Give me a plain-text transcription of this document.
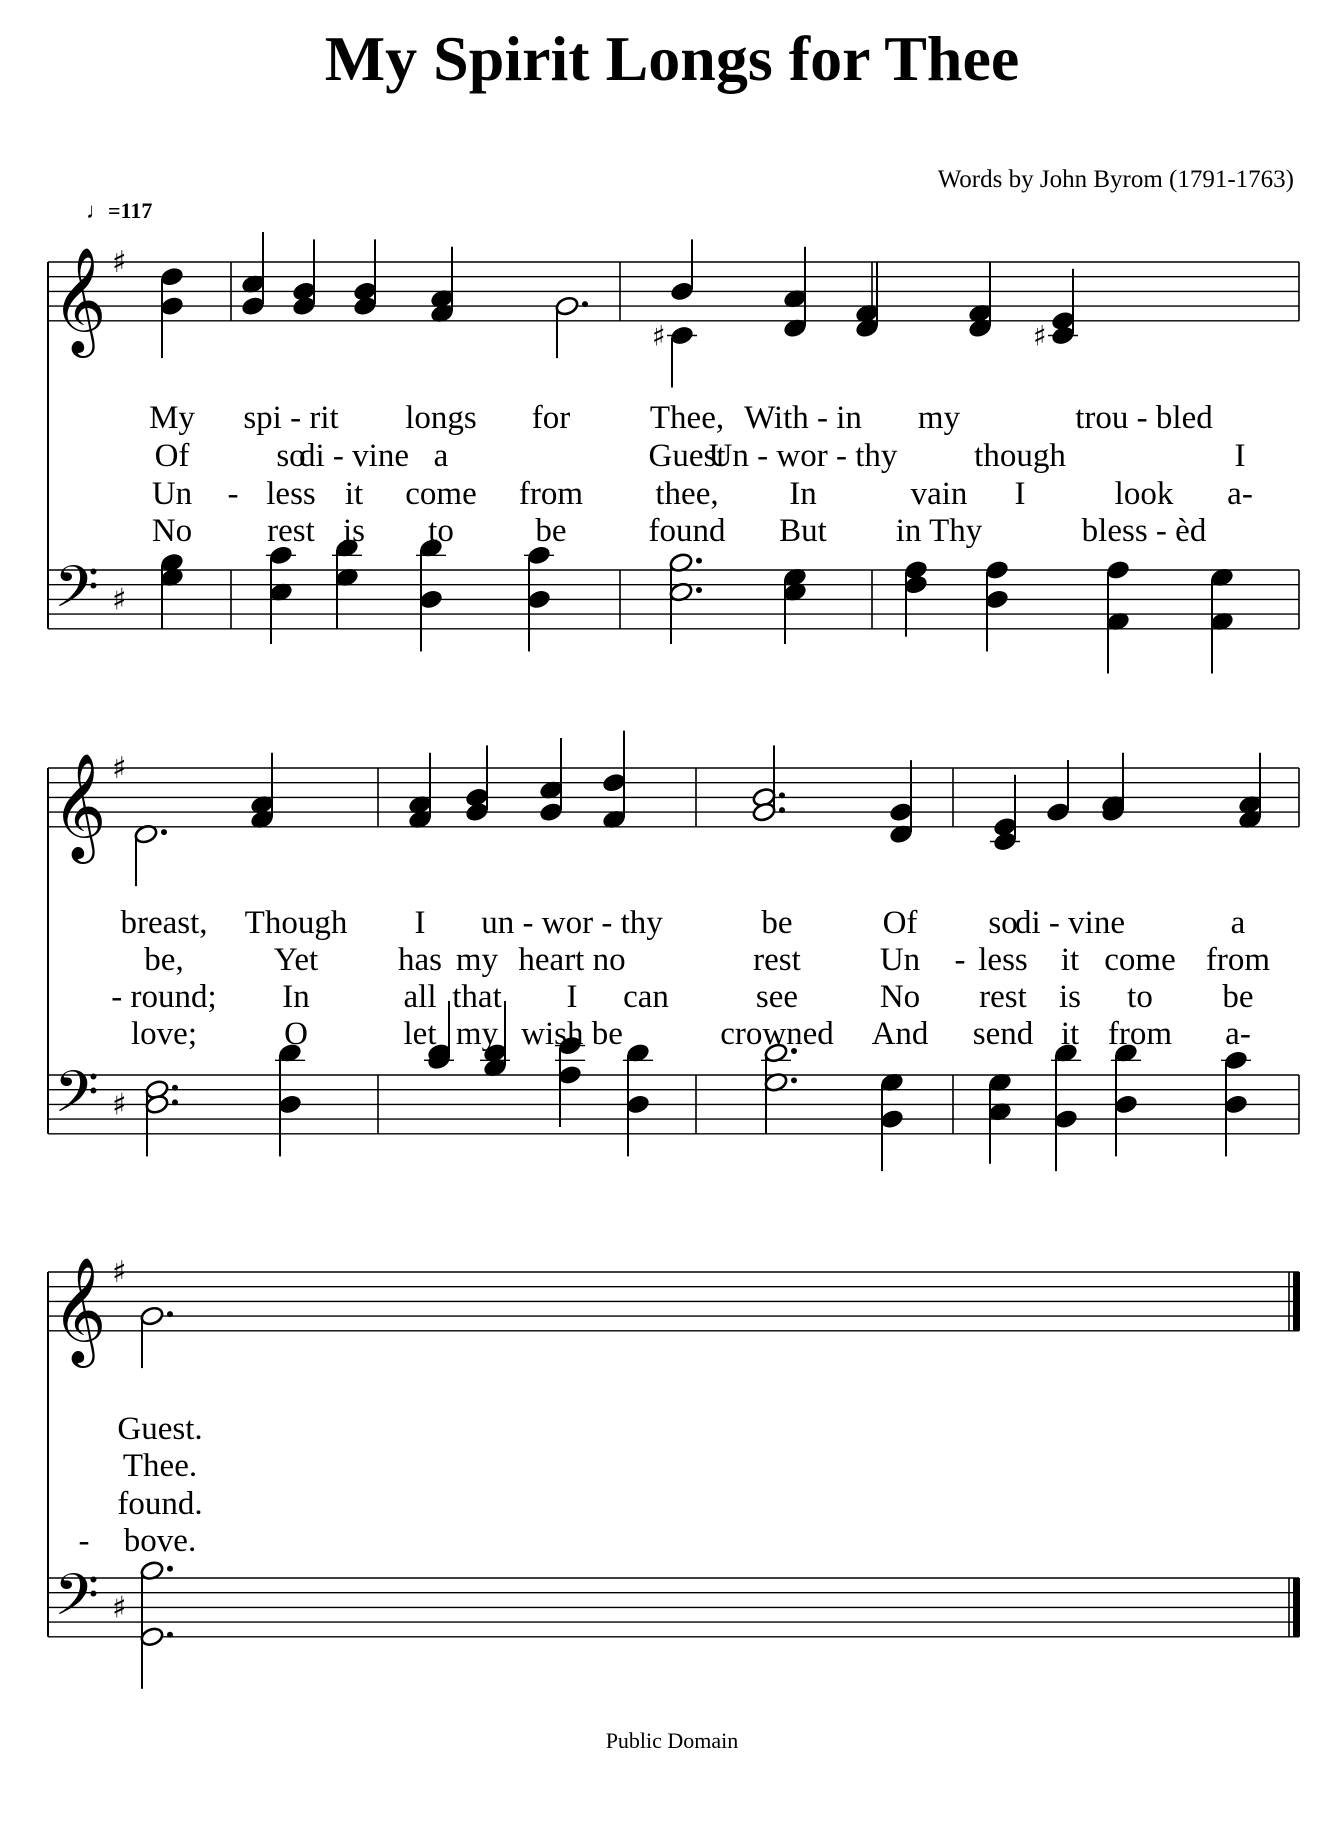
My Spirit Longs for Thee
Words by John Byrom (1791-1763)
♩=117
𝄞
𝄢
♯
♯
𝄞
𝄢
♯
♯
𝄞
𝄢
♯
♯
♯	♯
My
Of
Un
No
-
spi - rit
so
less
rest
di - vine
it
is
longs
come
a
to
for
from
be
Thee,
Guest
thee,
found
With - in
Un - wor - thy
In
But
my
vain
in Thy
though
I
trou - bled
look
bless - èd
I
a-
breast,
be,
- round;
love;
Though
Yet
In
O
I
has
all
let
my
that
my
un - wor - thy
heart no
I
wish be
can
be
rest
see
crowned
Of
Un
No
And
-
so
less
rest
send
di - vine
it
is
it
come
to
from
a
from
be
a-
-
Guest.
Thee.
found.
bove.
Public Domain
